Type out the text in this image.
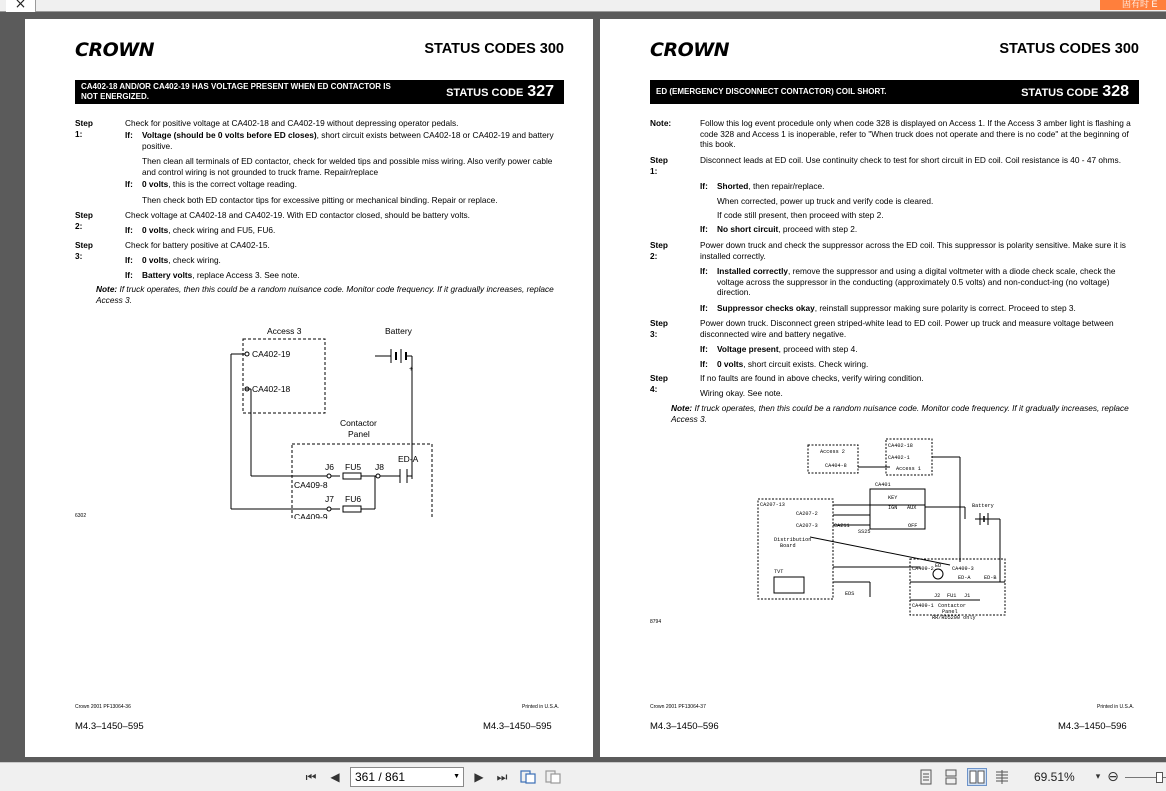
×	固有时 E
CROWN	STATUS CODES 300
CA402-18 AND/OR CA402-19 HAS VOLTAGE PRESENT WHEN ED CONTACTOR IS NOT ENERGIZED.	STATUS CODE 327
Step 1:
Check for positive voltage at CA402-18 and CA402-19 without depressing operator pedals.
If: Voltage (should be 0 volts before ED closes), short circuit exists between CA402-18 or CA402-19 and battery positive.
Then clean all terminals of ED contactor, check for welded tips and possible miss wiring. Also verify power cable and control wiring is not grounded to truck frame. Repair/replace
If: 0 volts, this is the correct voltage reading.
Then check both ED contactor tips for excessive pitting or mechanical binding. Repair or replace.
Step 2:
Check voltage at CA402-18 and CA402-19. With ED contactor closed, should be battery volts.
If: 0 volts, check wiring and FU5, FU6.
Step 3:
Check for battery positive at CA402-15.
If: 0 volts, check wiring.
If: Battery volts, replace Access 3. See note.
Note: If truck operates, then this could be a random nuisance code. Monitor code frequency. If it gradually increases, replace Access 3.
Access 3	Battery
CA402-19
CA402-18
+
Contactor
Panel
J6 FU5 J8
ED-A
CA409-8
J7 FU6
CA409-9
6302
Crown 2001 PF13064-36	Printed in U.S.A.
M4.3–1450–595	M4.3–1450–595
CROWN	STATUS CODES 300
ED (EMERGENCY DISCONNECT CONTACTOR) COIL SHORT.	STATUS CODE 328
Note:	Follow this log event procedule only when code 328 is displayed on Access 1. If the Access 3 amber light is flashing a code 328 and Access 1 is inoperable, refer to "When truck does not operate and there is no code" at the beginning of this book.
Step 1:
Disconnect leads at ED coil. Use continuity check to test for short circuit in ED coil. Coil resistance is 40 - 47 ohms.
If: Shorted, then repair/replace.
When corrected, power up truck and verify code is cleared.
If code still present, then proceed with step 2.
If: No short circuit, proceed with step 2.
Step 2:
Power down truck and check the suppressor across the ED coil. This suppressor is polarity sensitive. Make sure it is installed correctly.
If: Installed correctly, remove the suppressor and using a digital voltmeter with a diode check scale, check the voltage across the suppressor in the conducting (approximately 0.5 volts) and non-conduct-ing (no voltage) direction.
If: Suppressor checks okay, reinstall suppressor making sure polarity is correct. Proceed to step 3.
Step 3:
Power down truck. Disconnect green striped-white lead to ED coil. Power up truck and measure voltage between disconnected wire and battery negative.
If: Voltage present, proceed with step 4.
If: 0 volts, short circuit exists. Check wiring.
Step 4:
If no faults are found in above checks, verify wiring condition.
Wiring okay. See note.
Note: If truck operates, then this could be a random nuisance code. Monitor code frequency. If it gradually increases, replace Access 3.
Access 2
CA404-8
CA402-18
CA402-1
Access 1
CA401
KEY
IGN AUX
OFF
Battery
CA207-13
CA207-2
CA207-3	CA211
SS25
Distribution
Board
TVT
EDS
CA409-2 ED CA409-3
ED-A	ED-B
J2 FU1 J1
CA409-1 Contactor
Panel
RR/RD5200 only
8794
Crown 2001 PF13064-37	Printed in U.S.A.
M4.3–1450–596	M4.3–1450–596
⏮	◀	361 / 861	▼	▶	⏭	69.51%	▾ ⊖
